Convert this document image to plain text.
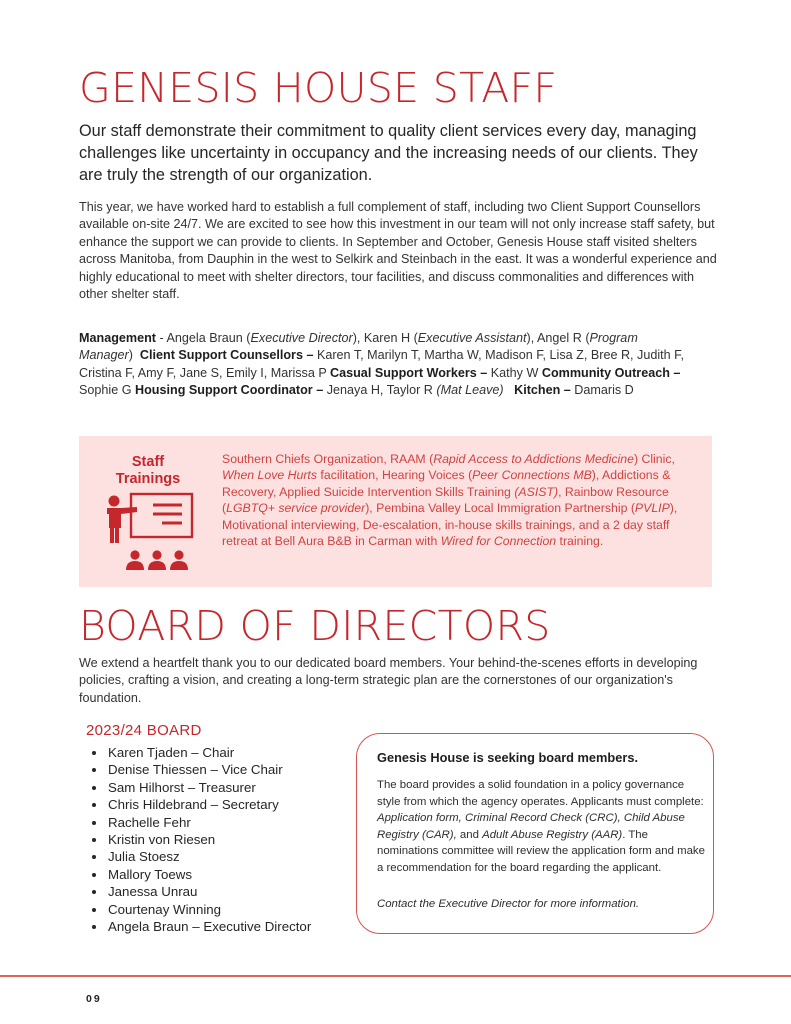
GENESIS HOUSE STAFF

Our staff demonstrate their commitment to quality client services every day, managing challenges like uncertainty in occupancy and the increasing needs of our clients. They are truly the strength of our organization.

This year, we have worked hard to establish a full complement of staff, including two Client Support Counsellors available on-site 24/7. We are excited to see how this investment in our team will not only increase staff safety, but enhance the support we can provide to clients. In September and October, Genesis House staff visited shelters across Manitoba, from Dauphin in the west to Selkirk and Steinbach in the east. It was a wonderful experience and highly educational to meet with shelter directors, tour facilities, and discuss commonalities and differences with other shelter staff.

Management - Angela Braun (Executive Director), Karen H (Executive Assistant), Angel R (Program Manager)  Client Support Counsellors – Karen T, Marilyn T, Martha W, Madison F, Lisa Z, Bree R, Judith F, Cristina F, Amy F, Jane S, Emily I, Marissa P Casual Support Workers – Kathy W Community Outreach – Sophie G Housing Support Coordinator – Jenaya H, Taylor R (Mat Leave) Kitchen – Damaris D

Staff
Trainings

Southern Chiefs Organization, RAAM (Rapid Access to Addictions Medicine) Clinic,  When Love Hurts facilitation, Hearing Voices (Peer Connections MB), Addictions & Recovery, Applied Suicide Intervention Skills Training (ASIST), Rainbow Resource (LGBTQ+ service provider), Pembina Valley Local Immigration Partnership (PVLIP), Motivational interviewing, De-escalation, in-house skills trainings, and a 2 day staff retreat at Bell Aura B&B in Carman with Wired for Connection training.

BOARD OF DIRECTORS

We extend a heartfelt thank you to our dedicated board members. Your behind-the-scenes efforts in developing policies, crafting a vision, and creating a long-term strategic plan are the cornerstones of our organization's foundation.

2023/24 BOARD
Karen Tjaden – Chair
Denise Thiessen – Vice Chair
Sam Hilhorst – Treasurer
Chris Hildebrand – Secretary
Rachelle Fehr
Kristin von Riesen
Julia Stoesz
Mallory Toews
Janessa Unrau
Courtenay Winning
Angela Braun – Executive Director
Genesis House is seeking board members.

The board provides a solid foundation in a policy governance style from which the agency operates. Applicants must complete: Application form, Criminal Record Check (CRC), Child Abuse Registry (CAR), and Adult Abuse Registry (AAR). The nominations committee will review the application form and make a recommendation for the board regarding the applicant.

Contact the Executive Director for more information.
09
